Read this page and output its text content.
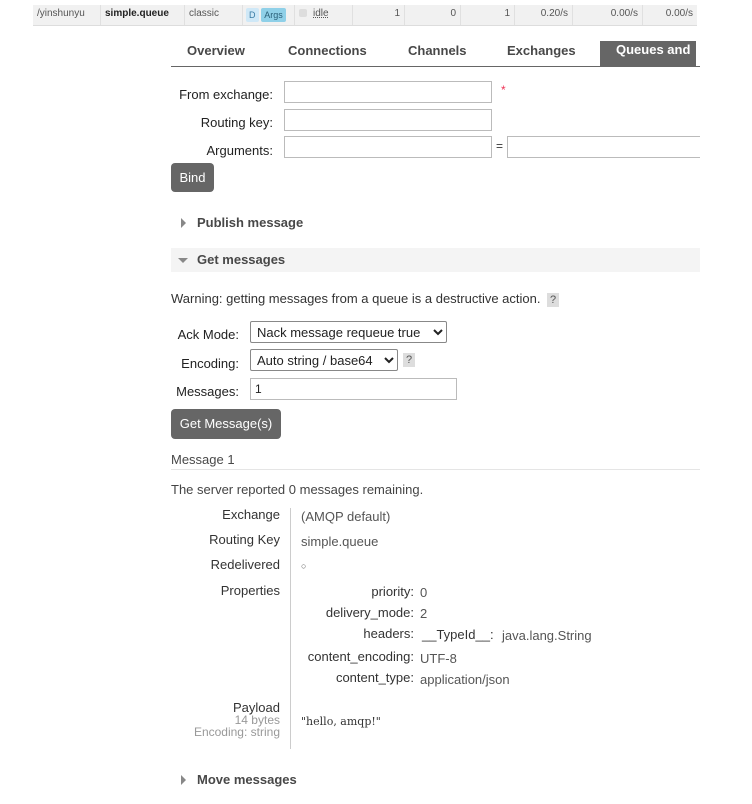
/yinshunyu	simple.queue	classic	D Args	idle	1	0	1	0.20/s	0.00/s	0.00/s
Overview	Connections	Channels	Exchanges	Queues and
From exchange:	*
Routing key:
Arguments:	=
Bind
Publish message
Get messages
Warning: getting messages from a queue is a destructive action. ?
Ack Mode:
Nack message requeue true
Encoding:
Auto string / base64	?
Messages:
1
Get Message(s)
Message 1
The server reported 0 messages remaining.
Exchange (AMQP default)
Routing Key simple.queue
Redelivered ○
Properties	priority: 0
delivery_mode: 2
headers: __TypeId__: java.lang.String
content_encoding: UTF-8
content_type: application/json
Payload
14 bytes
Encoding: string
"hello, amqp!"
Move messages
